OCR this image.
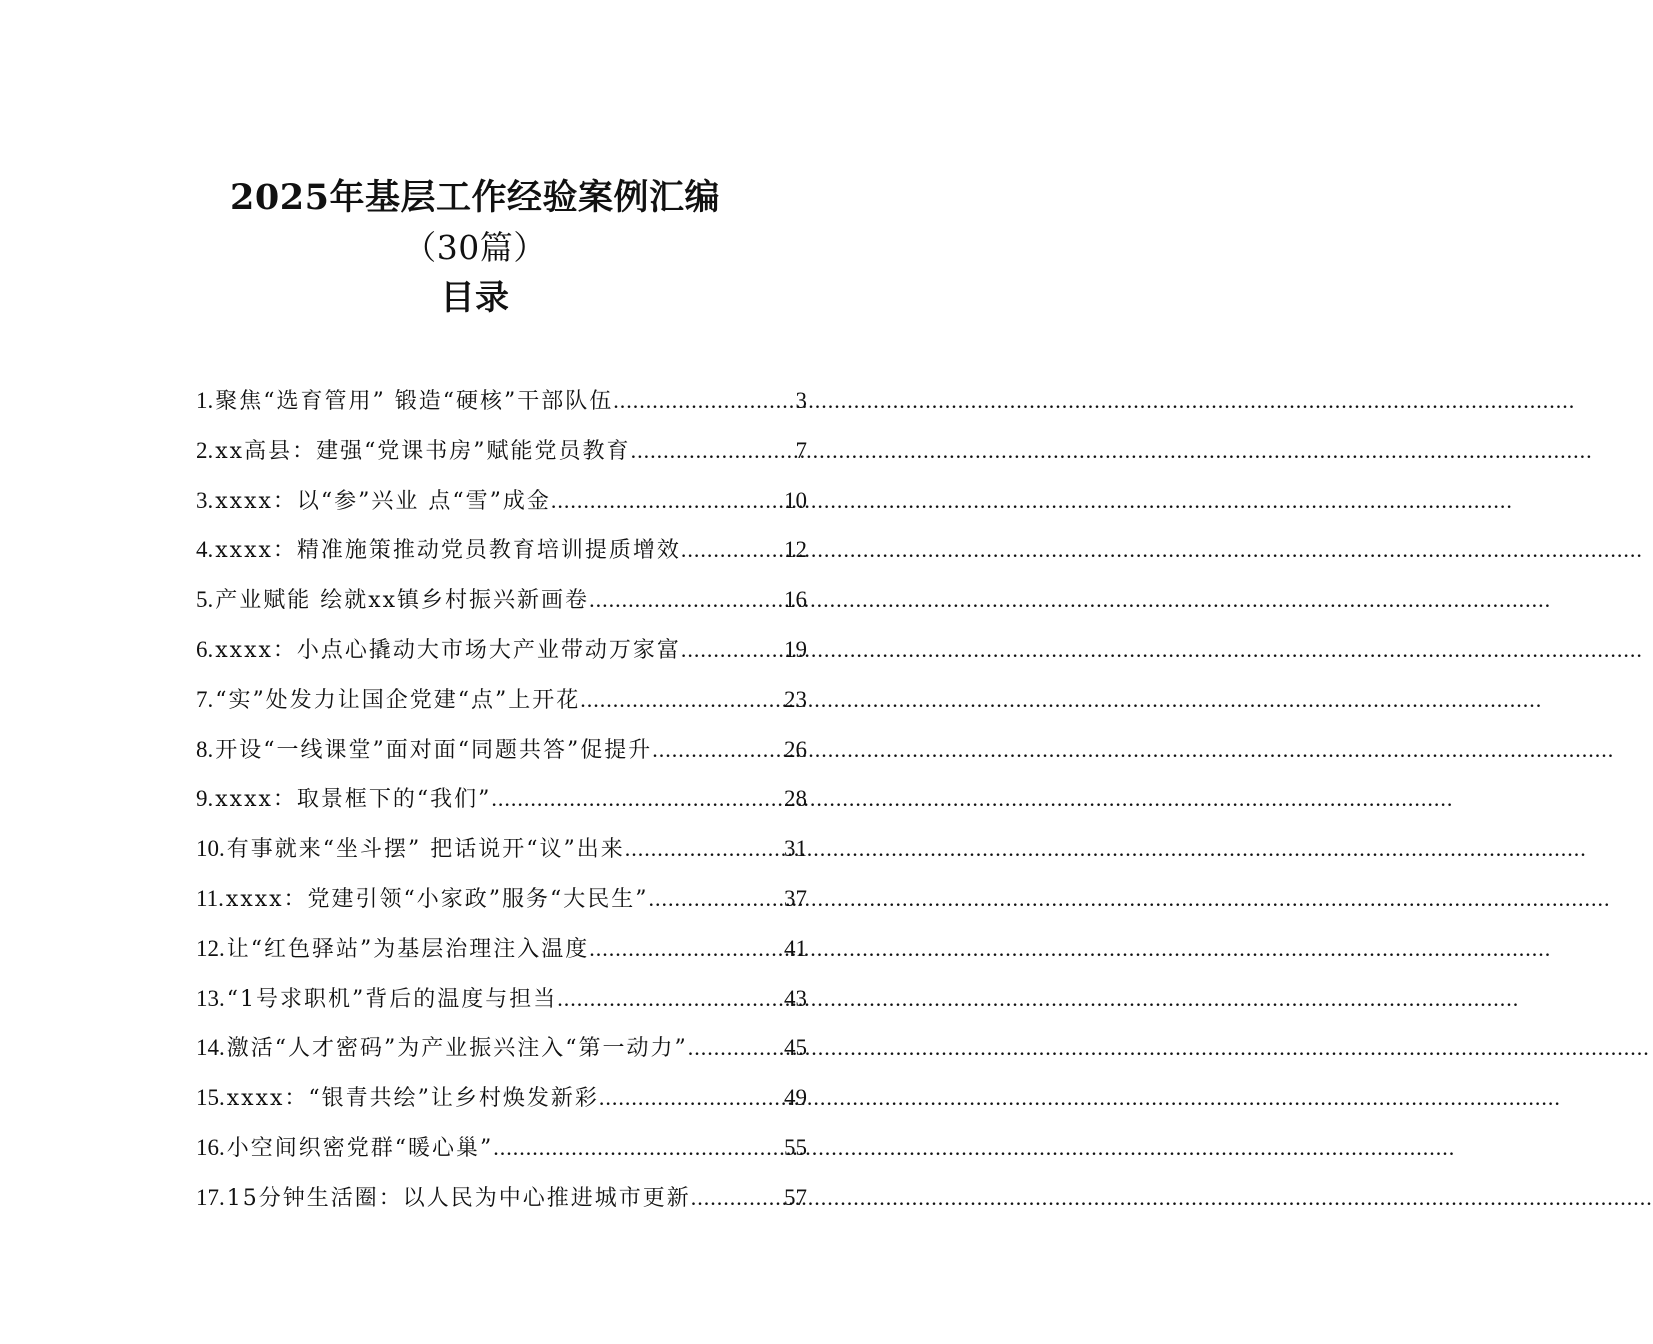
2025年基层工作经验案例汇编
（30篇）
目录
1. 聚焦“选育管用” 锻造“硬核”干部队伍 .....	3
2. xx高县：建强“党课书房”赋能党员教育 .....	7
3. xxxx：以“参”兴业 点“雪”成金 .....	10
4. xxxx：精准施策推动党员教育培训提质增效 .....	12
5. 产业赋能 绘就xx镇乡村振兴新画卷 .....	16
6. xxxx：小点心撬动大市场大产业带动万家富 .....	19
7. “实”处发力让国企党建“点”上开花 .....	23
8. 开设“一线课堂”面对面“同题共答”促提升 .....	26
9. xxxx：取景框下的“我们” .....	28
10. 有事就来“坐斗摆” 把话说开“议”出来 .....	31
11. xxxx：党建引领“小家政”服务“大民生” .....	37
12. 让“红色驿站”为基层治理注入温度 .....	41
13. “1号求职机”背后的温度与担当 .....	43
14. 激活“人才密码”为产业振兴注入“第一动力” .....	45
15. xxxx：“银青共绘”让乡村焕发新彩 .....	49
16. 小空间织密党群“暖心巢” .....	55
17. 15分钟生活圈：以人民为中心推进城市更新 .....	57
